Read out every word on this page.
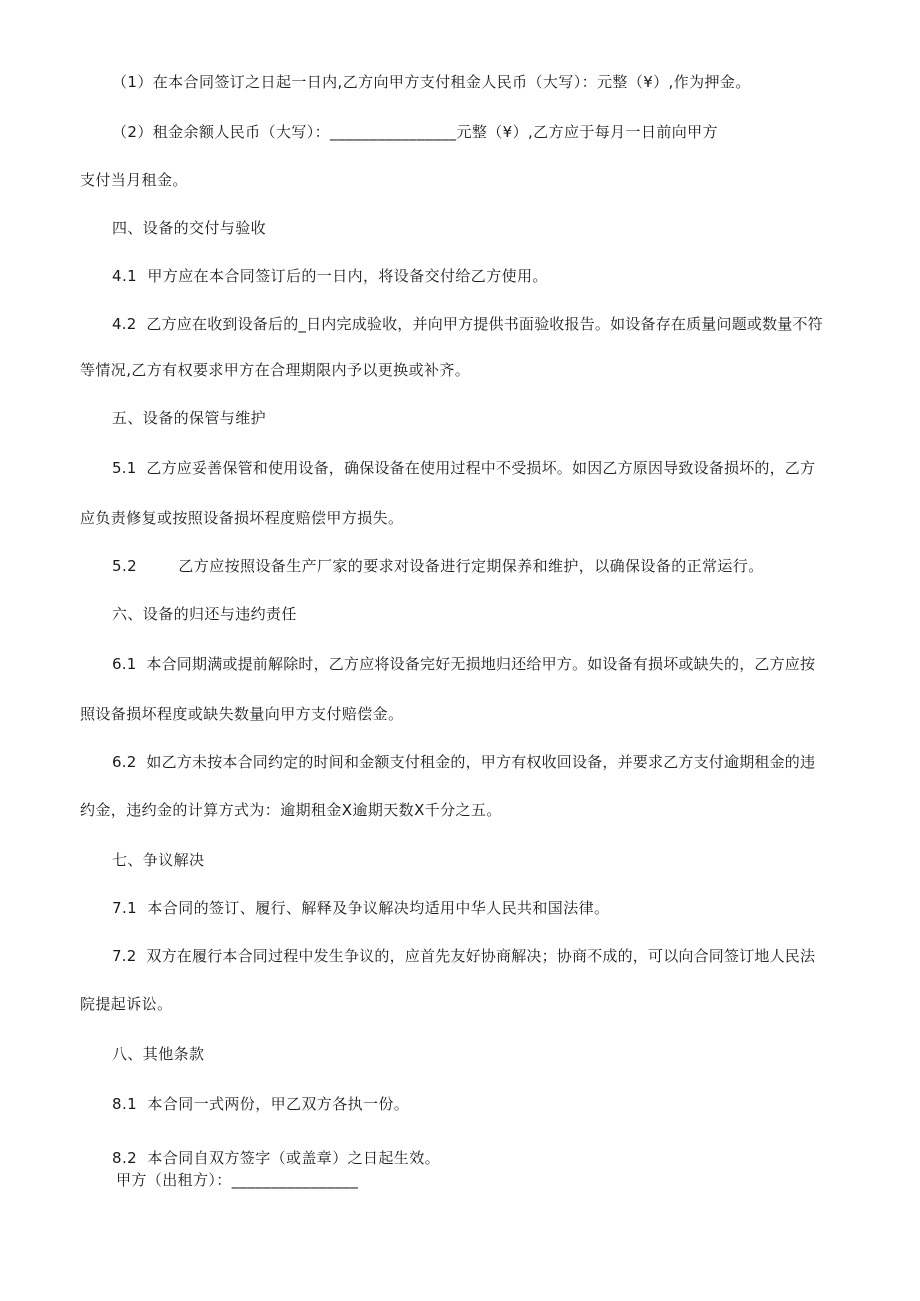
（1）在本合同签订之日起一日内,乙方向甲方支付租金人民币（大写）：元整（¥）,作为押金。
（2）租金余额人民币（大写）：________________元整（¥）,乙方应于每月一日前向甲方
支付当月租金。
四、设备的交付与验收
4.1  甲方应在本合同签订后的一日内，将设备交付给乙方使用。
4.2  乙方应在收到设备后的_日内完成验收，并向甲方提供书面验收报告。如设备存在质量问题或数量不符
等情况,乙方有权要求甲方在合理期限内予以更换或补齐。
五、设备的保管与维护
5.1  乙方应妥善保管和使用设备，确保设备在使用过程中不受损坏。如因乙方原因导致设备损坏的，乙方
应负责修复或按照设备损坏程度赔偿甲方损失。
5.2        乙方应按照设备生产厂家的要求对设备进行定期保养和维护，以确保设备的正常运行。
六、设备的归还与违约责任
6.1  本合同期满或提前解除时，乙方应将设备完好无损地归还给甲方。如设备有损坏或缺失的，乙方应按
照设备损坏程度或缺失数量向甲方支付赔偿金。
6.2  如乙方未按本合同约定的时间和金额支付租金的，甲方有权收回设备，并要求乙方支付逾期租金的违
约金，违约金的计算方式为：逾期租金X逾期天数X千分之五。
七、争议解决
7.1  本合同的签订、履行、解释及争议解决均适用中华人民共和国法律。
7.2  双方在履行本合同过程中发生争议的，应首先友好协商解决；协商不成的，可以向合同签订地人民法
院提起诉讼。
八、其他条款
8.1  本合同一式两份，甲乙双方各执一份。
8.2  本合同自双方签字（或盖章）之日起生效。
甲方（出租方）：________________
